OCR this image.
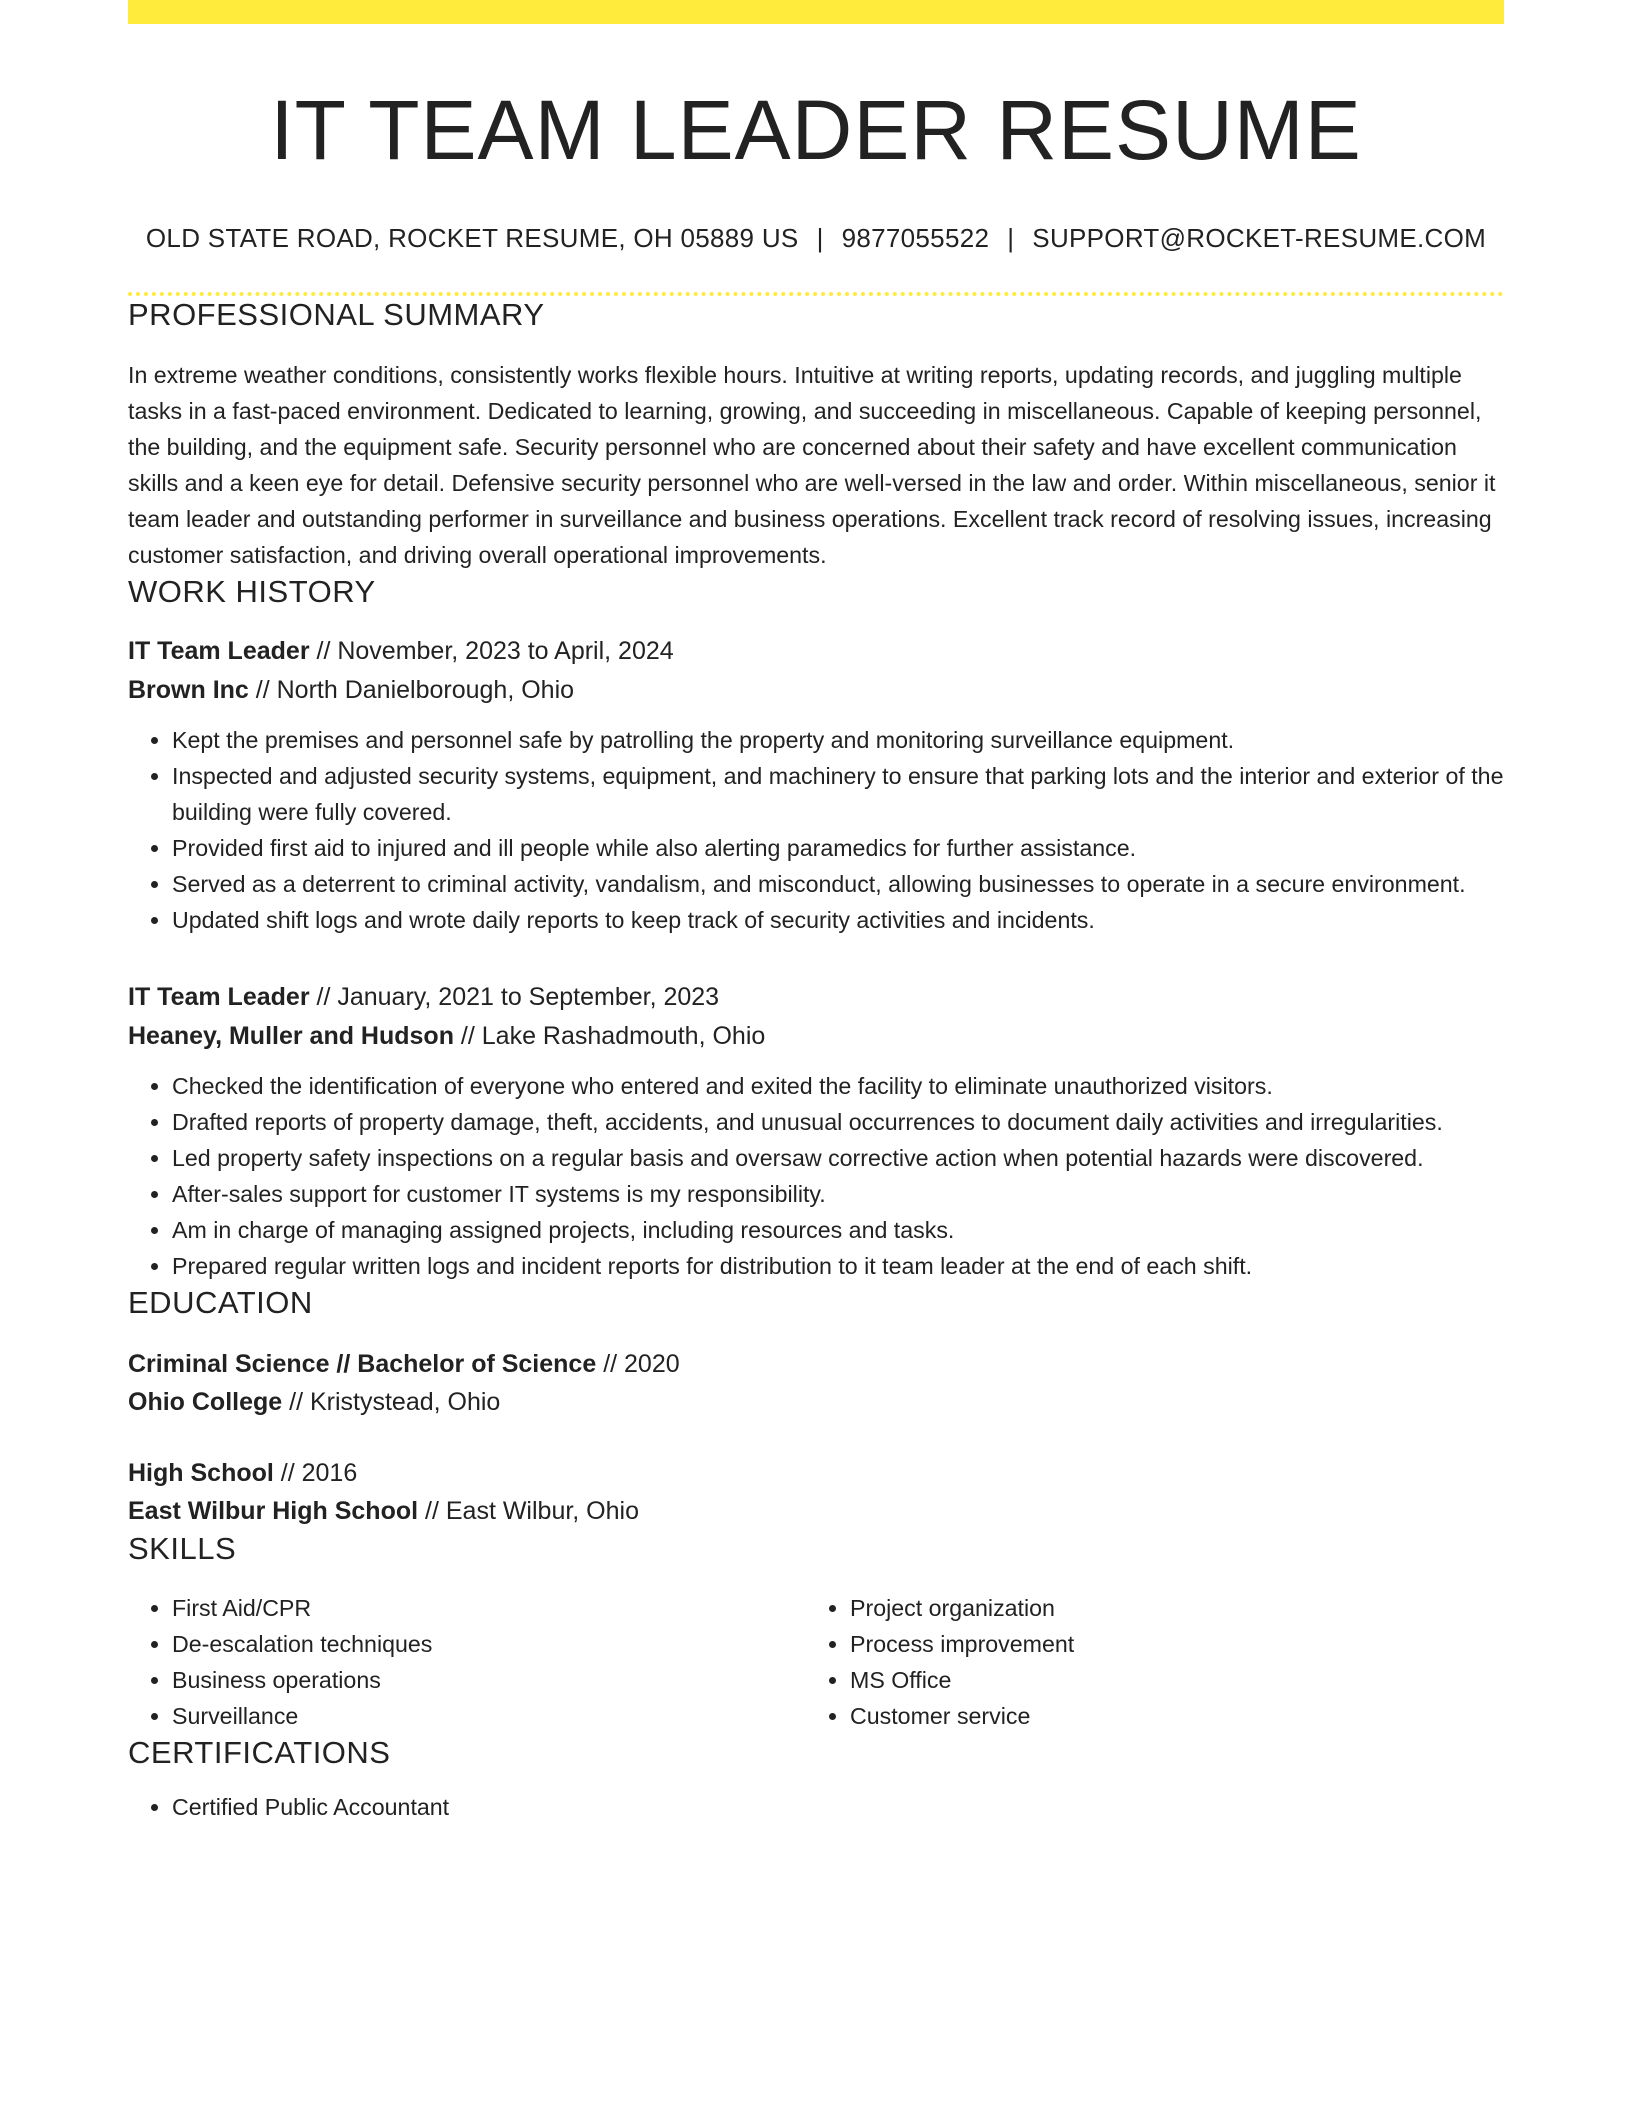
IT TEAM LEADER RESUME
OLD STATE ROAD, ROCKET RESUME, OH 05889 US | 9877055522 | SUPPORT@ROCKET-RESUME.COM
PROFESSIONAL SUMMARY
In extreme weather conditions, consistently works flexible hours. Intuitive at writing reports, updating records, and juggling multiple tasks in a fast-paced environment. Dedicated to learning, growing, and succeeding in miscellaneous. Capable of keeping personnel, the building, and the equipment safe. Security personnel who are concerned about their safety and have excellent communication skills and a keen eye for detail. Defensive security personnel who are well-versed in the law and order. Within miscellaneous, senior it team leader and outstanding performer in surveillance and business operations. Excellent track record of resolving issues, increasing customer satisfaction, and driving overall operational improvements.
WORK HISTORY
IT Team Leader // November, 2023 to April, 2024
Brown Inc // North Danielborough, Ohio
• Kept the premises and personnel safe by patrolling the property and monitoring surveillance equipment.
• Inspected and adjusted security systems, equipment, and machinery to ensure that parking lots and the interior and exterior of the building were fully covered.
• Provided first aid to injured and ill people while also alerting paramedics for further assistance.
• Served as a deterrent to criminal activity, vandalism, and misconduct, allowing businesses to operate in a secure environment.
• Updated shift logs and wrote daily reports to keep track of security activities and incidents.
IT Team Leader // January, 2021 to September, 2023
Heaney, Muller and Hudson // Lake Rashadmouth, Ohio
• Checked the identification of everyone who entered and exited the facility to eliminate unauthorized visitors.
• Drafted reports of property damage, theft, accidents, and unusual occurrences to document daily activities and irregularities.
• Led property safety inspections on a regular basis and oversaw corrective action when potential hazards were discovered.
• After-sales support for customer IT systems is my responsibility.
• Am in charge of managing assigned projects, including resources and tasks.
• Prepared regular written logs and incident reports for distribution to it team leader at the end of each shift.
EDUCATION
Criminal Science // Bachelor of Science // 2020
Ohio College // Kristystead, Ohio
High School // 2016
East Wilbur High School // East Wilbur, Ohio
SKILLS
• First Aid/CPR
• De-escalation techniques
• Business operations
• Surveillance
• Project organization
• Process improvement
• MS Office
• Customer service
CERTIFICATIONS
• Certified Public Accountant
